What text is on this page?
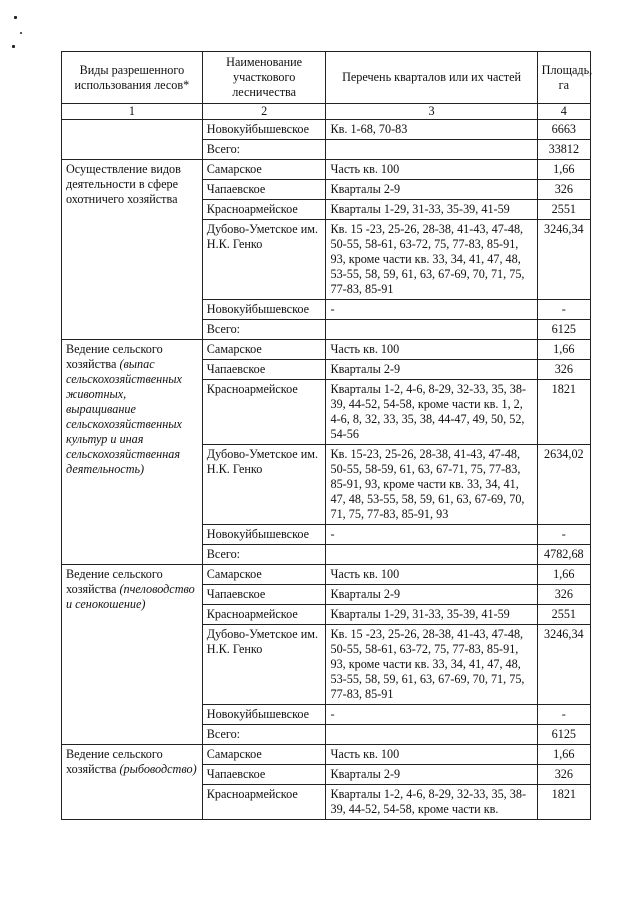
Виды разрешенного использования лесов*	Наименование участкового лесничества	Перечень кварталов или их частей	Площадь, га
1	2	3	4
	Новокуйбышевское	Кв. 1-68, 70-83	6663
	Всего:		33812
Осуществление видов деятельности в сфере охотничего хозяйства	Самарское	Часть кв. 100	1,66
	Чапаевское	Кварталы 2-9	326
	Красноармейское	Кварталы 1-29, 31-33, 35-39, 41-59	2551
	Дубово-Уметское им. Н.К. Генко	Кв. 15 -23, 25-26, 28-38, 41-43, 47-48, 50-55, 58-61, 63-72, 75, 77-83, 85-91, 93, кроме части кв. 33, 34, 41, 47, 48, 53-55, 58, 59, 61, 63, 67-69, 70, 71, 75, 77-83, 85-91	3246,34
	Новокуйбышевское	-	-
	Всего:		6125
Ведение сельского хозяйства (выпас сельскохозяйственных животных, выращивание сельскохозяйственных культур и иная сельскохозяйственная деятельность)	Самарское	Часть кв. 100	1,66
	Чапаевское	Кварталы 2-9	326
	Красноармейское	Кварталы 1-2, 4-6, 8-29, 32-33, 35, 38-39, 44-52, 54-58, кроме части кв. 1, 2, 4-6, 8, 32, 33, 35, 38, 44-47, 49, 50, 52, 54-56	1821
	Дубово-Уметское им. Н.К. Генко	Кв. 15-23, 25-26, 28-38, 41-43, 47-48, 50-55, 58-59, 61, 63, 67-71, 75, 77-83, 85-91, 93, кроме части кв. 33, 34, 41, 47, 48, 53-55, 58, 59, 61, 63, 67-69, 70, 71, 75, 77-83, 85-91, 93	2634,02
	Новокуйбышевское	-	-
	Всего:		4782,68
Ведение сельского хозяйства (пчеловодство и сенокошение)	Самарское	Часть кв. 100	1,66
	Чапаевское	Кварталы 2-9	326
	Красноармейское	Кварталы 1-29, 31-33, 35-39, 41-59	2551
	Дубово-Уметское им. Н.К. Генко	Кв. 15 -23, 25-26, 28-38, 41-43, 47-48, 50-55, 58-61, 63-72, 75, 77-83, 85-91, 93, кроме части кв. 33, 34, 41, 47, 48, 53-55, 58, 59, 61, 63, 67-69, 70, 71, 75, 77-83, 85-91	3246,34
	Новокуйбышевское	-	-
	Всего:		6125
Ведение сельского хозяйства (рыбоводство)	Самарское	Часть кв. 100	1,66
	Чапаевское	Кварталы 2-9	326
	Красноармейское	Кварталы 1-2, 4-6, 8-29, 32-33, 35, 38-39, 44-52, 54-58, кроме части кв.	1821
